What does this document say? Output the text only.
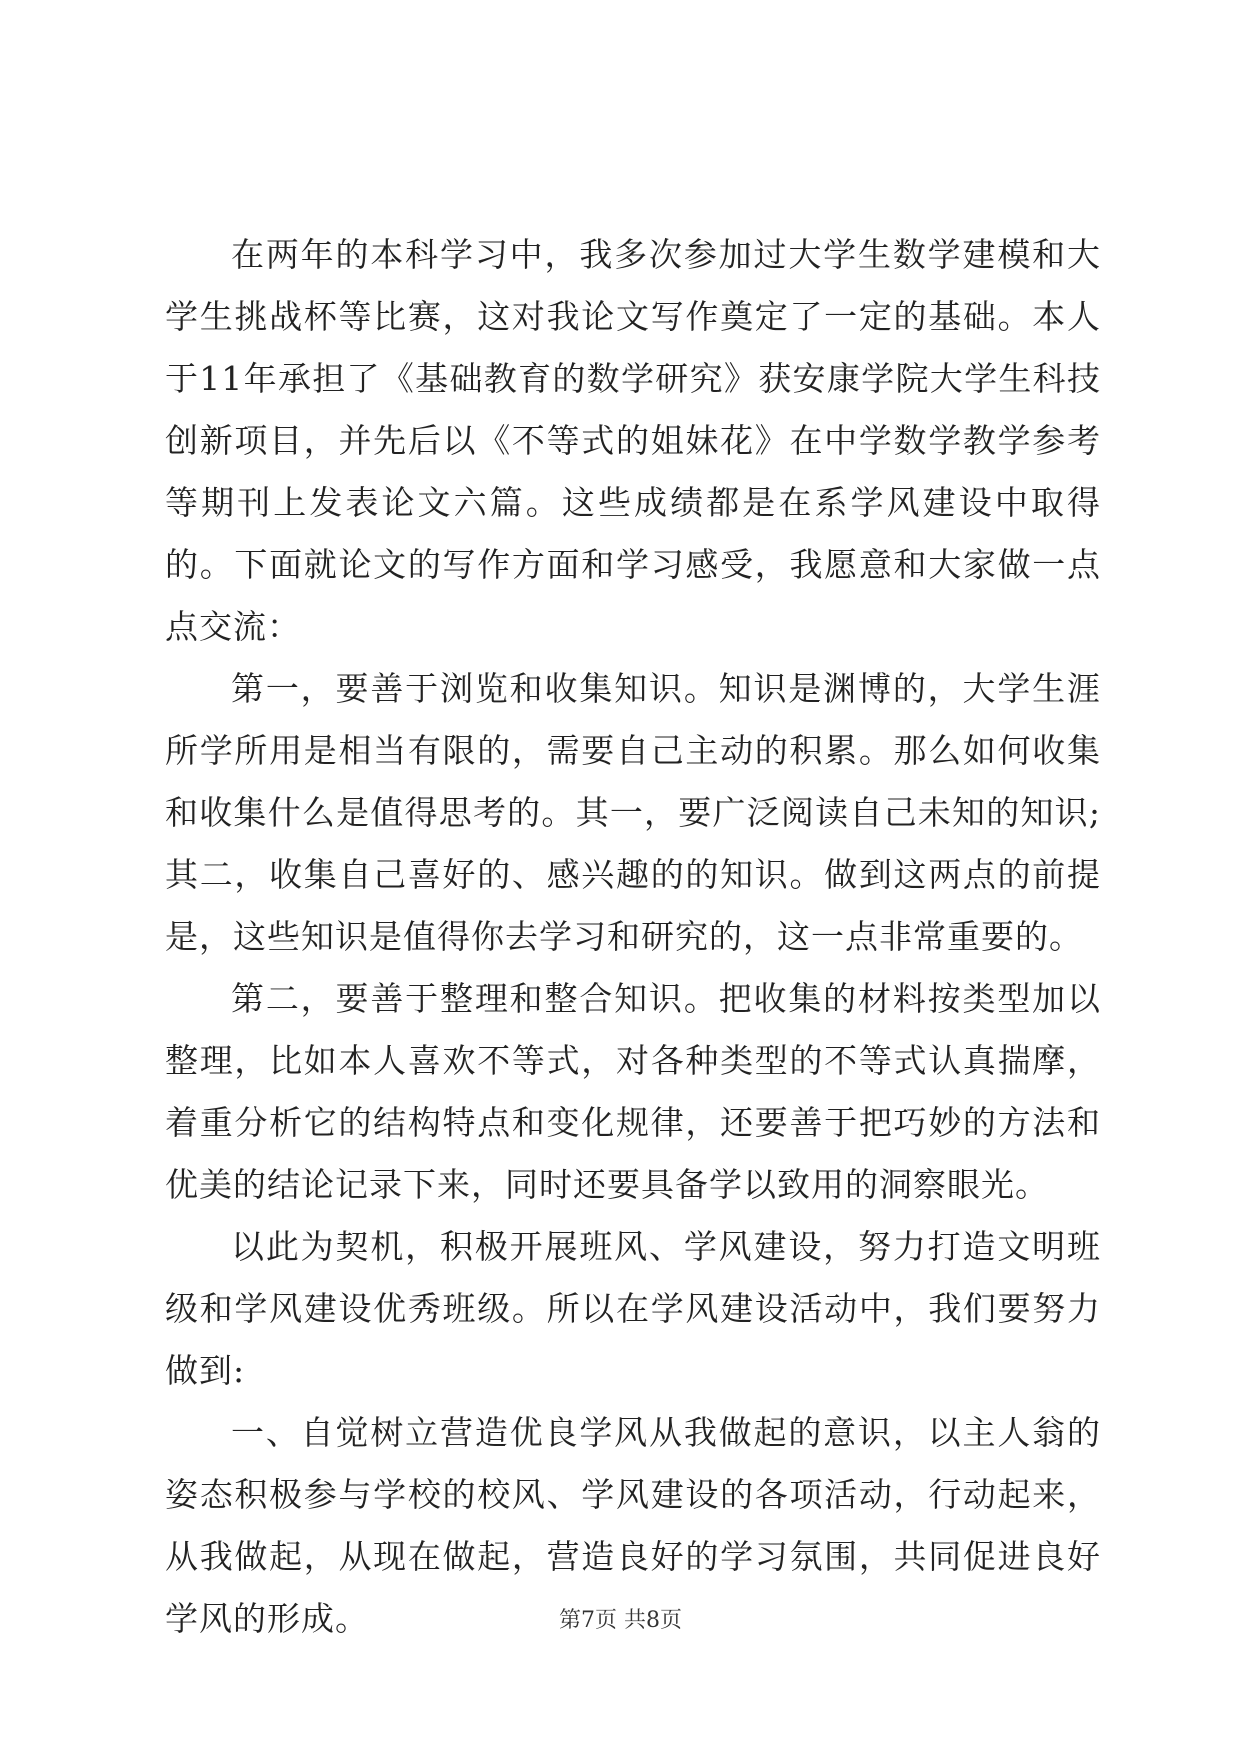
在两年的本科学习中，我多次参加过大学生数学建模和大学生挑战杯等比赛，这对我论文写作奠定了一定的基础。本人于11年承担了《基础教育的数学研究》获安康学院大学生科技创新项目，并先后以《不等式的姐妹花》在中学数学教学参考等期刊上发表论文六篇。这些成绩都是在系学风建设中取得的。下面就论文的写作方面和学习感受，我愿意和大家做一点点交流：

第一，要善于浏览和收集知识。知识是渊博的，大学生涯所学所用是相当有限的，需要自己主动的积累。那么如何收集和收集什么是值得思考的。其一，要广泛阅读自己未知的知识;其二，收集自己喜好的、感兴趣的的知识。做到这两点的前提是，这些知识是值得你去学习和研究的，这一点非常重要的。

第二，要善于整理和整合知识。把收集的材料按类型加以整理，比如本人喜欢不等式，对各种类型的不等式认真揣摩，着重分析它的结构特点和变化规律，还要善于把巧妙的方法和优美的结论记录下来，同时还要具备学以致用的洞察眼光。

以此为契机，积极开展班风、学风建设，努力打造文明班级和学风建设优秀班级。所以在学风建设活动中，我们要努力做到:

一、自觉树立营造优良学风从我做起的意识，以主人翁的姿态积极参与学校的校风、学风建设的各项活动，行动起来，从我做起，从现在做起，营造良好的学习氛围，共同促进良好学风的形成。	第7页 共8页
